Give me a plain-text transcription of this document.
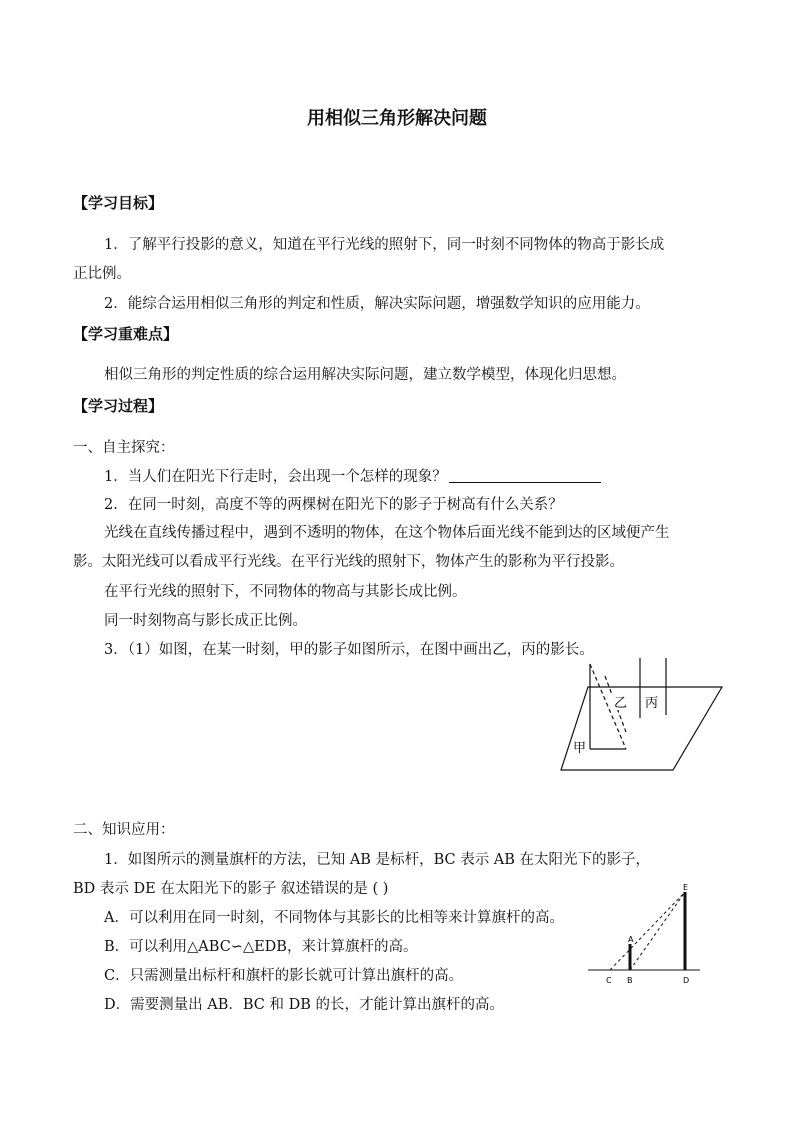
用相似三角形解决问题
【学习目标】
1．了解平行投影的意义，知道在平行光线的照射下，同一时刻不同物体的物高于影长成
正比例。
2．能综合运用相似三角形的判定和性质，解决实际问题，增强数学知识的应用能力。
【学习重难点】
相似三角形的判定性质的综合运用解决实际问题，建立数学模型，体现化归思想。
【学习过程】
一、自主探究：
1．当人们在阳光下行走时，会出现一个怎样的现象？
2．在同一时刻，高度不等的两棵树在阳光下的影子于树高有什么关系？
光线在直线传播过程中，遇到不透明的物体，在这个物体后面光线不能到达的区域便产生
影。太阳光线可以看成平行光线。在平行光线的照射下，物体产生的影称为平行投影。
在平行光线的照射下，不同物体的物高与其影长成比例。
同一时刻物高与影长成正比例。
3．（1）如图，在某一时刻，甲的影子如图所示，在图中画出乙，丙的影长。
乙 丙
甲
二、知识应用：
1．如图所示的测量旗杆的方法，已知 AB 是标杆，BC 表示 AB 在太阳光下的影子，
BD 表示 DE 在太阳光下的影子 叙述错误的是 ( )
A．可以利用在同一时刻，不同物体与其影长的比相等来计算旗杆的高。
B．可以利用△ABC∽△EDB，来计算旗杆的高。
C．只需测量出标杆和旗杆的影长就可计算出旗杆的高。
D．需要测量出 AB．BC 和 DB 的长，才能计算出旗杆的高。
E
A
C B	D
